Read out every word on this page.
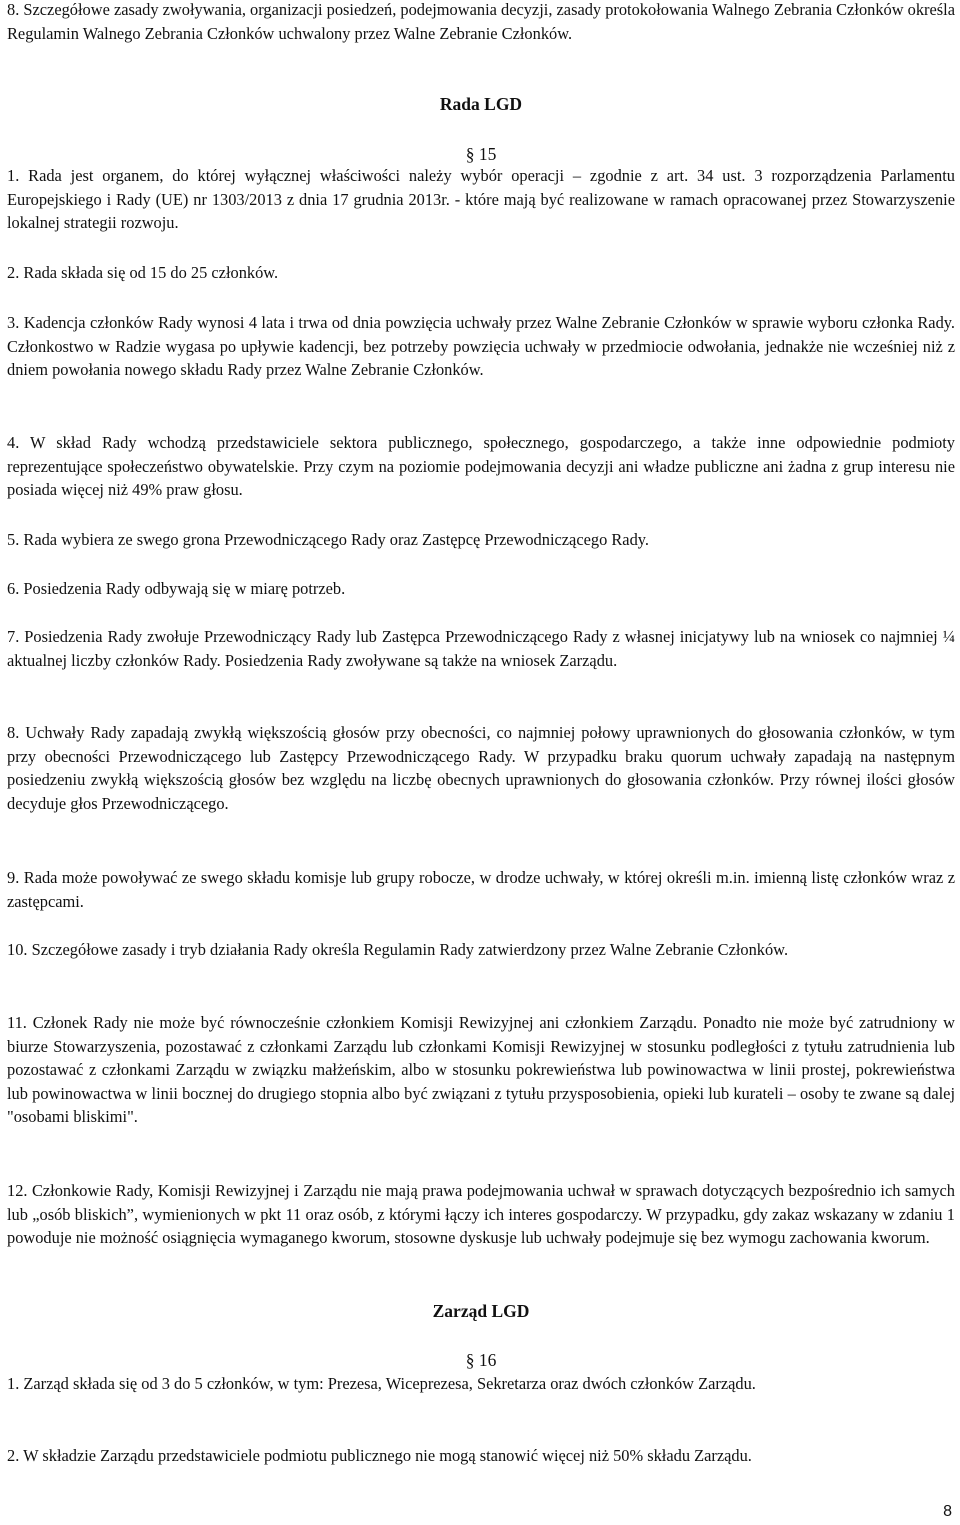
8. Szczegółowe zasady zwoływania, organizacji posiedzeń, podejmowania decyzji, zasady protokołowania Walnego Zebrania Członków określa Regulamin Walnego Zebrania Członków uchwalony przez Walne Zebranie Członków.

Rada LGD

§ 15

1. Rada jest organem, do której wyłącznej właściwości należy wybór operacji – zgodnie z art. 34 ust. 3 rozporządzenia Parlamentu Europejskiego i Rady (UE) nr 1303/2013 z dnia 17 grudnia 2013r. - które mają być realizowane w ramach opracowanej przez Stowarzyszenie lokalnej strategii rozwoju.

2. Rada składa się od 15 do 25 członków.

3. Kadencja członków Rady wynosi 4 lata i trwa od dnia powzięcia uchwały przez Walne Zebranie Członków w sprawie wyboru członka Rady. Członkostwo w Radzie wygasa po upływie kadencji, bez potrzeby powzięcia uchwały w przedmiocie odwołania, jednakże nie wcześniej niż z dniem powołania nowego składu Rady przez Walne Zebranie Członków.

4. W skład Rady wchodzą przedstawiciele sektora publicznego, społecznego, gospodarczego, a także inne odpowiednie podmioty reprezentujące społeczeństwo obywatelskie. Przy czym na poziomie podejmowania decyzji ani władze publiczne ani żadna z grup interesu nie posiada więcej niż 49% praw głosu.

5. Rada wybiera ze swego grona Przewodniczącego Rady oraz Zastępcę Przewodniczącego Rady.

6. Posiedzenia Rady odbywają się w miarę potrzeb.

7. Posiedzenia Rady zwołuje Przewodniczący Rady lub Zastępca Przewodniczącego Rady z własnej inicjatywy lub na wniosek co najmniej ¼ aktualnej liczby członków Rady. Posiedzenia Rady zwoływane są także na wniosek Zarządu.

8. Uchwały Rady zapadają zwykłą większością głosów przy obecności, co najmniej połowy uprawnionych do głosowania członków, w tym przy obecności Przewodniczącego lub Zastępcy Przewodniczącego Rady. W przypadku braku quorum uchwały zapadają na następnym posiedzeniu zwykłą większością głosów bez względu na liczbę obecnych uprawnionych do głosowania członków. Przy równej ilości głosów decyduje głos Przewodniczącego.

9. Rada może powoływać ze swego składu komisje lub grupy robocze, w drodze uchwały, w której określi m.in. imienną listę członków wraz z zastępcami.

10. Szczegółowe zasady i tryb działania Rady określa Regulamin Rady zatwierdzony przez Walne Zebranie Członków.

11. Członek Rady nie może być równocześnie członkiem Komisji Rewizyjnej ani członkiem Zarządu. Ponadto nie może być zatrudniony w biurze Stowarzyszenia, pozostawać z członkami Zarządu lub członkami Komisji Rewizyjnej w stosunku podległości z tytułu zatrudnienia lub pozostawać z członkami Zarządu w związku małżeńskim, albo w stosunku pokrewieństwa lub powinowactwa w linii prostej, pokrewieństwa lub powinowactwa w linii bocznej do drugiego stopnia albo być związani z tytułu przysposobienia, opieki lub kurateli – osoby te zwane są dalej "osobami bliskimi".

12. Członkowie Rady, Komisji Rewizyjnej i Zarządu nie mają prawa podejmowania uchwał w sprawach dotyczących bezpośrednio ich samych lub „osób bliskich”, wymienionych w pkt 11 oraz osób, z którymi łączy ich interes gospodarczy. W przypadku, gdy zakaz wskazany w zdaniu 1 powoduje nie możność osiągnięcia wymaganego kworum, stosowne dyskusje lub uchwały podejmuje się bez wymogu zachowania kworum.

Zarząd LGD

§ 16

1. Zarząd składa się od 3 do 5 członków, w tym: Prezesa, Wiceprezesa, Sekretarza oraz dwóch członków Zarządu.

2. W składzie Zarządu przedstawiciele podmiotu publicznego nie mogą stanowić więcej niż 50% składu Zarządu.

8
